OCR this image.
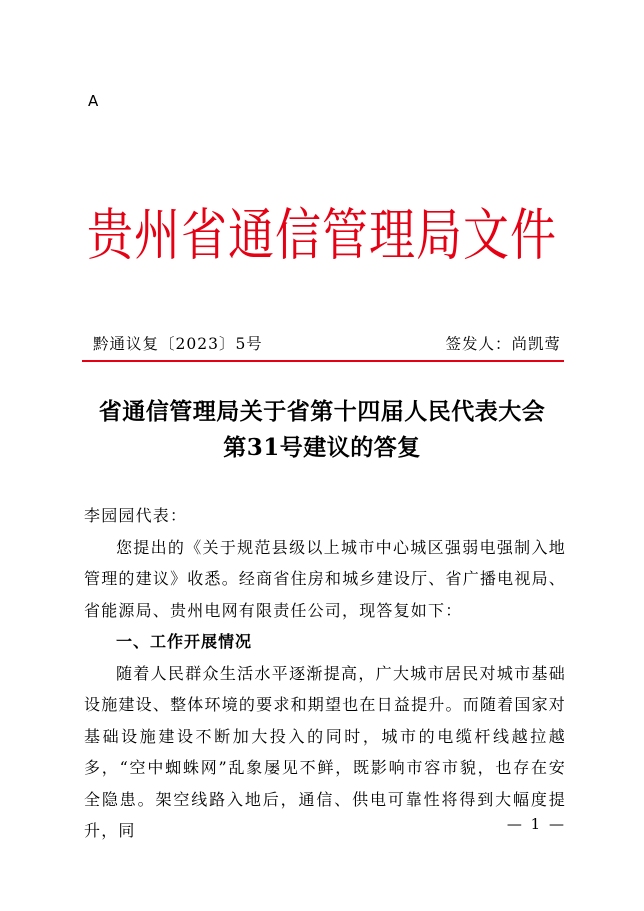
A
贵州省通信管理局文件
黔通议复〔2023〕5号	签发人：尚凯莺
省通信管理局关于省第十四届人民代表大会
第31号建议的答复

李园园代表：

您提出的《关于规范县级以上城市中心城区强弱电强制入地管理的建议》收悉。经商省住房和城乡建设厅、省广播电视局、省能源局、贵州电网有限责任公司，现答复如下：

一、工作开展情况

随着人民群众生活水平逐渐提高，广大城市居民对城市基础设施建设、整体环境的要求和期望也在日益提升。而随着国家对基础设施建设不断加大投入的同时，城市的电缆杆线越拉越多，“空中蜘蛛网”乱象屡见不鲜，既影响市容市貌，也存在安全隐患。架空线路入地后，通信、供电可靠性将得到大幅度提升，同	— 1 —
